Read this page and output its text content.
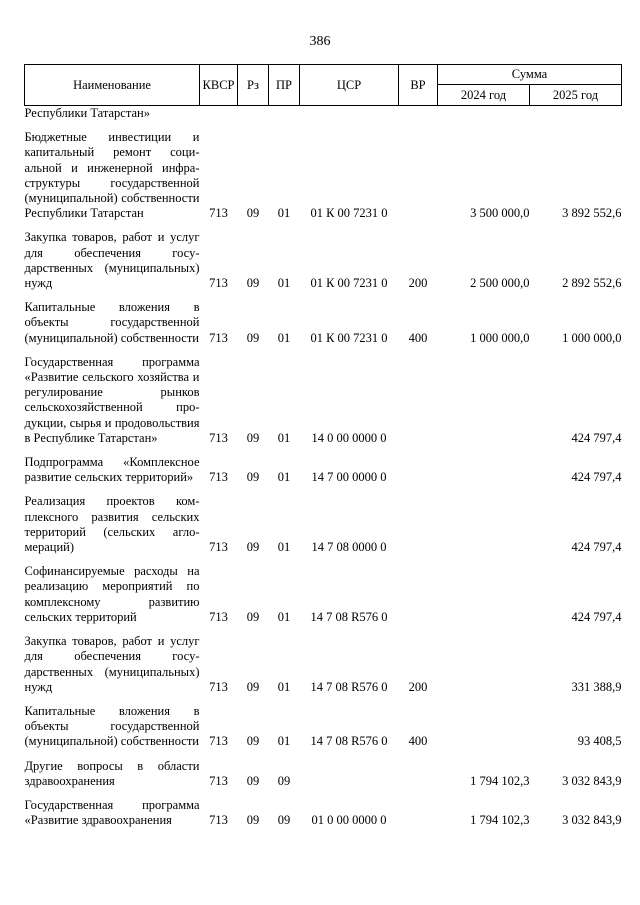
386
Наименование	КВСР	Рз	ПР	ЦСР	ВР	Сумма	
						2024 год	2025 год
Республики Татарстан»							
Бюджетные инвестиции и капитальный ремонт социальной и инженерной инфраструктуры государственной (муниципальной) собственности Республики Татарстан	713	09	01	01 К 00 7231 0		3 500 000,0	3 892 552,6
Закупка товаров, работ и услуг для обеспечения государственных (муниципальных) нужд	713	09	01	01 К 00 7231 0	200	2 500 000,0	2 892 552,6
Капитальные вложения в объекты государственной (муниципальной) собственности	713	09	01	01 К 00 7231 0	400	1 000 000,0	1 000 000,0
Государственная программа «Развитие сельского хозяйства и регулирование рынков сельскохозяйственной продукции, сырья и продовольствия в Республике Татарстан»	713	09	01	14 0 00 0000 0			424 797,4
Подпрограмма «Комплексное развитие сельских территорий»	713	09	01	14 7 00 0000 0			424 797,4
Реализация проектов комплексного развития сельских территорий (сельских агломераций)	713	09	01	14 7 08 0000 0			424 797,4
Софинансируемые расходы на реализацию мероприятий по комплексному развитию сельских территорий	713	09	01	14 7 08 R576 0			424 797,4
Закупка товаров, работ и услуг для обеспечения государственных (муниципальных) нужд	713	09	01	14 7 08 R576 0	200		331 388,9
Капитальные вложения в объекты государственной (муниципальной) собственности	713	09	01	14 7 08 R576 0	400		93 408,5
Другие вопросы в области здравоохранения	713	09	09			1 794 102,3	3 032 843,9
Государственная программа «Развитие здравоохранения	713	09	09	01 0 00 0000 0		1 794 102,3	3 032 843,9
